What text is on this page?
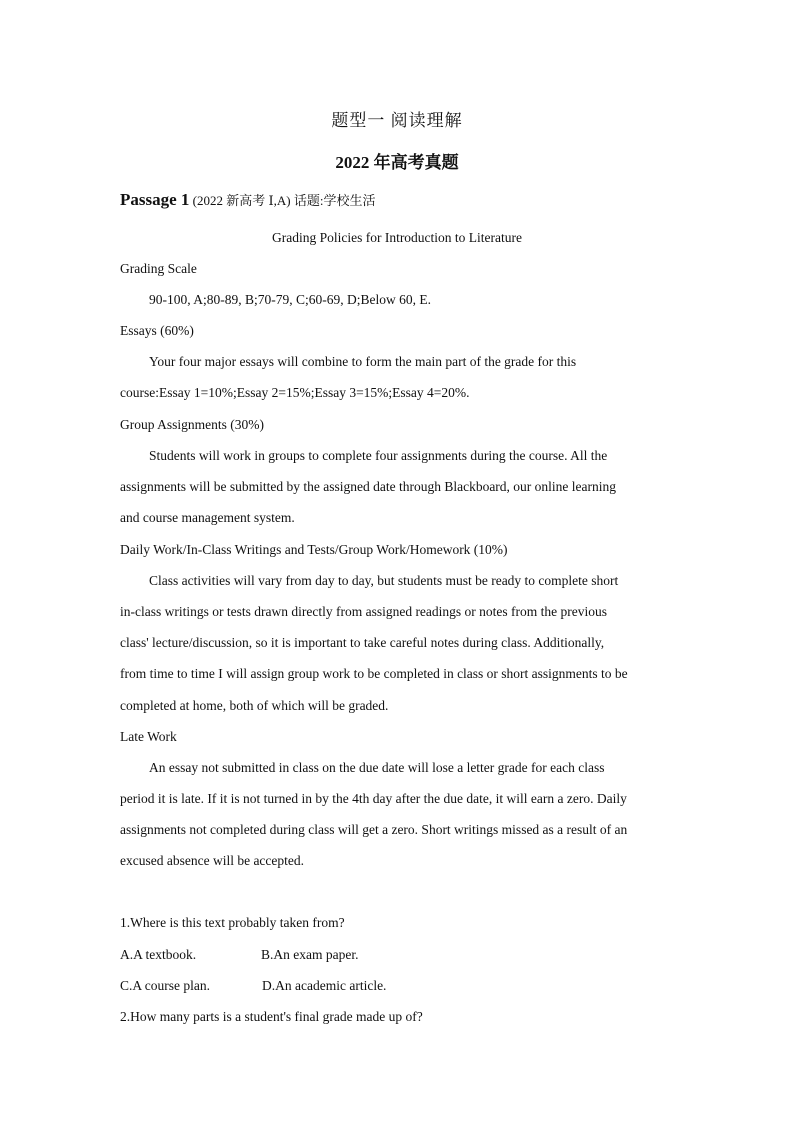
题型一 阅读理解
2022 年高考真题
Passage 1 (2022 新高考 Ⅰ,A) 话题:学校生活
Grading Policies for Introduction to Literature
Grading Scale
90-100, A;80-89, B;70-79, C;60-69, D;Below 60, E.
Essays (60%)
Your four major essays will combine to form the main part of the grade for this
course:Essay 1=10%;Essay 2=15%;Essay 3=15%;Essay 4=20%.
Group Assignments (30%)
Students will work in groups to complete four assignments during the course. All the
assignments will be submitted by the assigned date through Blackboard, our online learning
and course management system.
Daily Work/In-Class Writings and Tests/Group Work/Homework (10%)
Class activities will vary from day to day, but students must be ready to complete short
in-class writings or tests drawn directly from assigned readings or notes from the previous
class' lecture/discussion, so it is important to take careful notes during class. Additionally,
from time to time I will assign group work to be completed in class or short assignments to be
completed at home, both of which will be graded.
Late Work
An essay not submitted in class on the due date will lose a letter grade for each class
period it is late. If it is not turned in by the 4th day after the due date, it will earn a zero. Daily
assignments not completed during class will get a zero. Short writings missed as a result of an
excused absence will be accepted.
1.Where is this text probably taken from?
A.A textbook.	B.An exam paper.
C.A course plan.	D.An academic article.
2.How many parts is a student's final grade made up of?
